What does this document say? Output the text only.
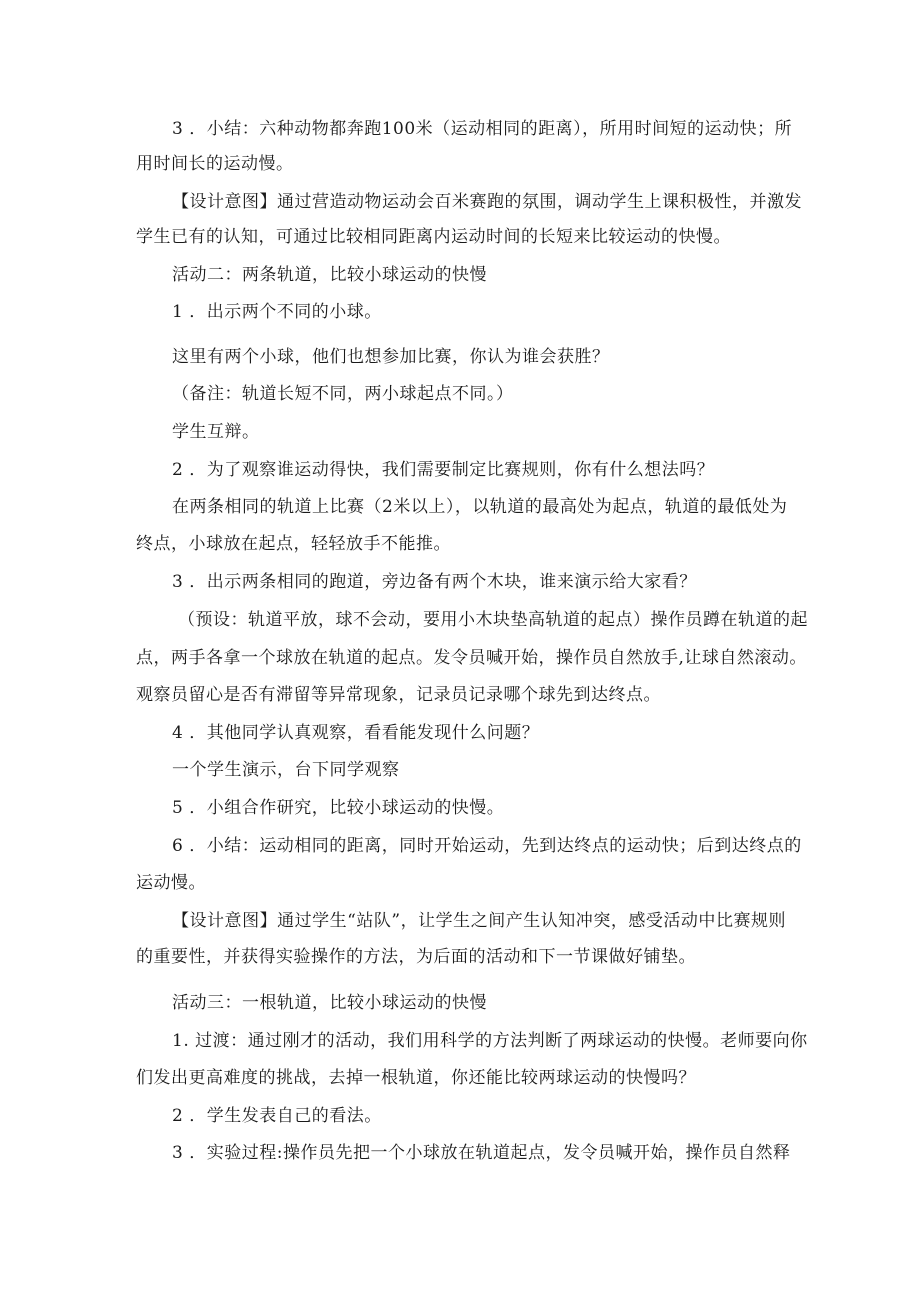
3 ．小结：六种动物都奔跑100米（运动相同的距离），所用时间短的运动快；所
用时间长的运动慢。
【设计意图】通过营造动物运动会百米赛跑的氛围，调动学生上课积极性，并激发
学生已有的认知，可通过比较相同距离内运动时间的长短来比较运动的快慢。
活动二：两条轨道，比较小球运动的快慢
1 ．出示两个不同的小球。
这里有两个小球，他们也想参加比赛，你认为谁会获胜？
（备注：轨道长短不同，两小球起点不同。）
学生互辩。
2 ．为了观察谁运动得快，我们需要制定比赛规则，你有什么想法吗？
在两条相同的轨道上比赛（2米以上），以轨道的最高处为起点，轨道的最低处为
终点，小球放在起点，轻轻放手不能推。
3 ．出示两条相同的跑道，旁边备有两个木块，谁来演示给大家看？
（预设：轨道平放，球不会动，要用小木块垫高轨道的起点）操作员蹲在轨道的起
点，两手各拿一个球放在轨道的起点。发令员喊开始，操作员自然放手,让球自然滚动。
观察员留心是否有滞留等异常现象，记录员记录哪个球先到达终点。
4 ．其他同学认真观察，看看能发现什么问题？
一个学生演示，台下同学观察
5 ．小组合作研究，比较小球运动的快慢。
6 ．小结：运动相同的距离，同时开始运动，先到达终点的运动快；后到达终点的
运动慢。
【设计意图】通过学生“站队”，让学生之间产生认知冲突，感受活动中比赛规则
的重要性，并获得实验操作的方法，为后面的活动和下一节课做好铺垫。
活动三：一根轨道，比较小球运动的快慢
1. 过渡：通过刚才的活动，我们用科学的方法判断了两球运动的快慢。老师要向你
们发出更高难度的挑战，去掉一根轨道，你还能比较两球运动的快慢吗？
2 ．学生发表自己的看法。
3 ．实验过程:操作员先把一个小球放在轨道起点，发令员喊开始，操作员自然释
